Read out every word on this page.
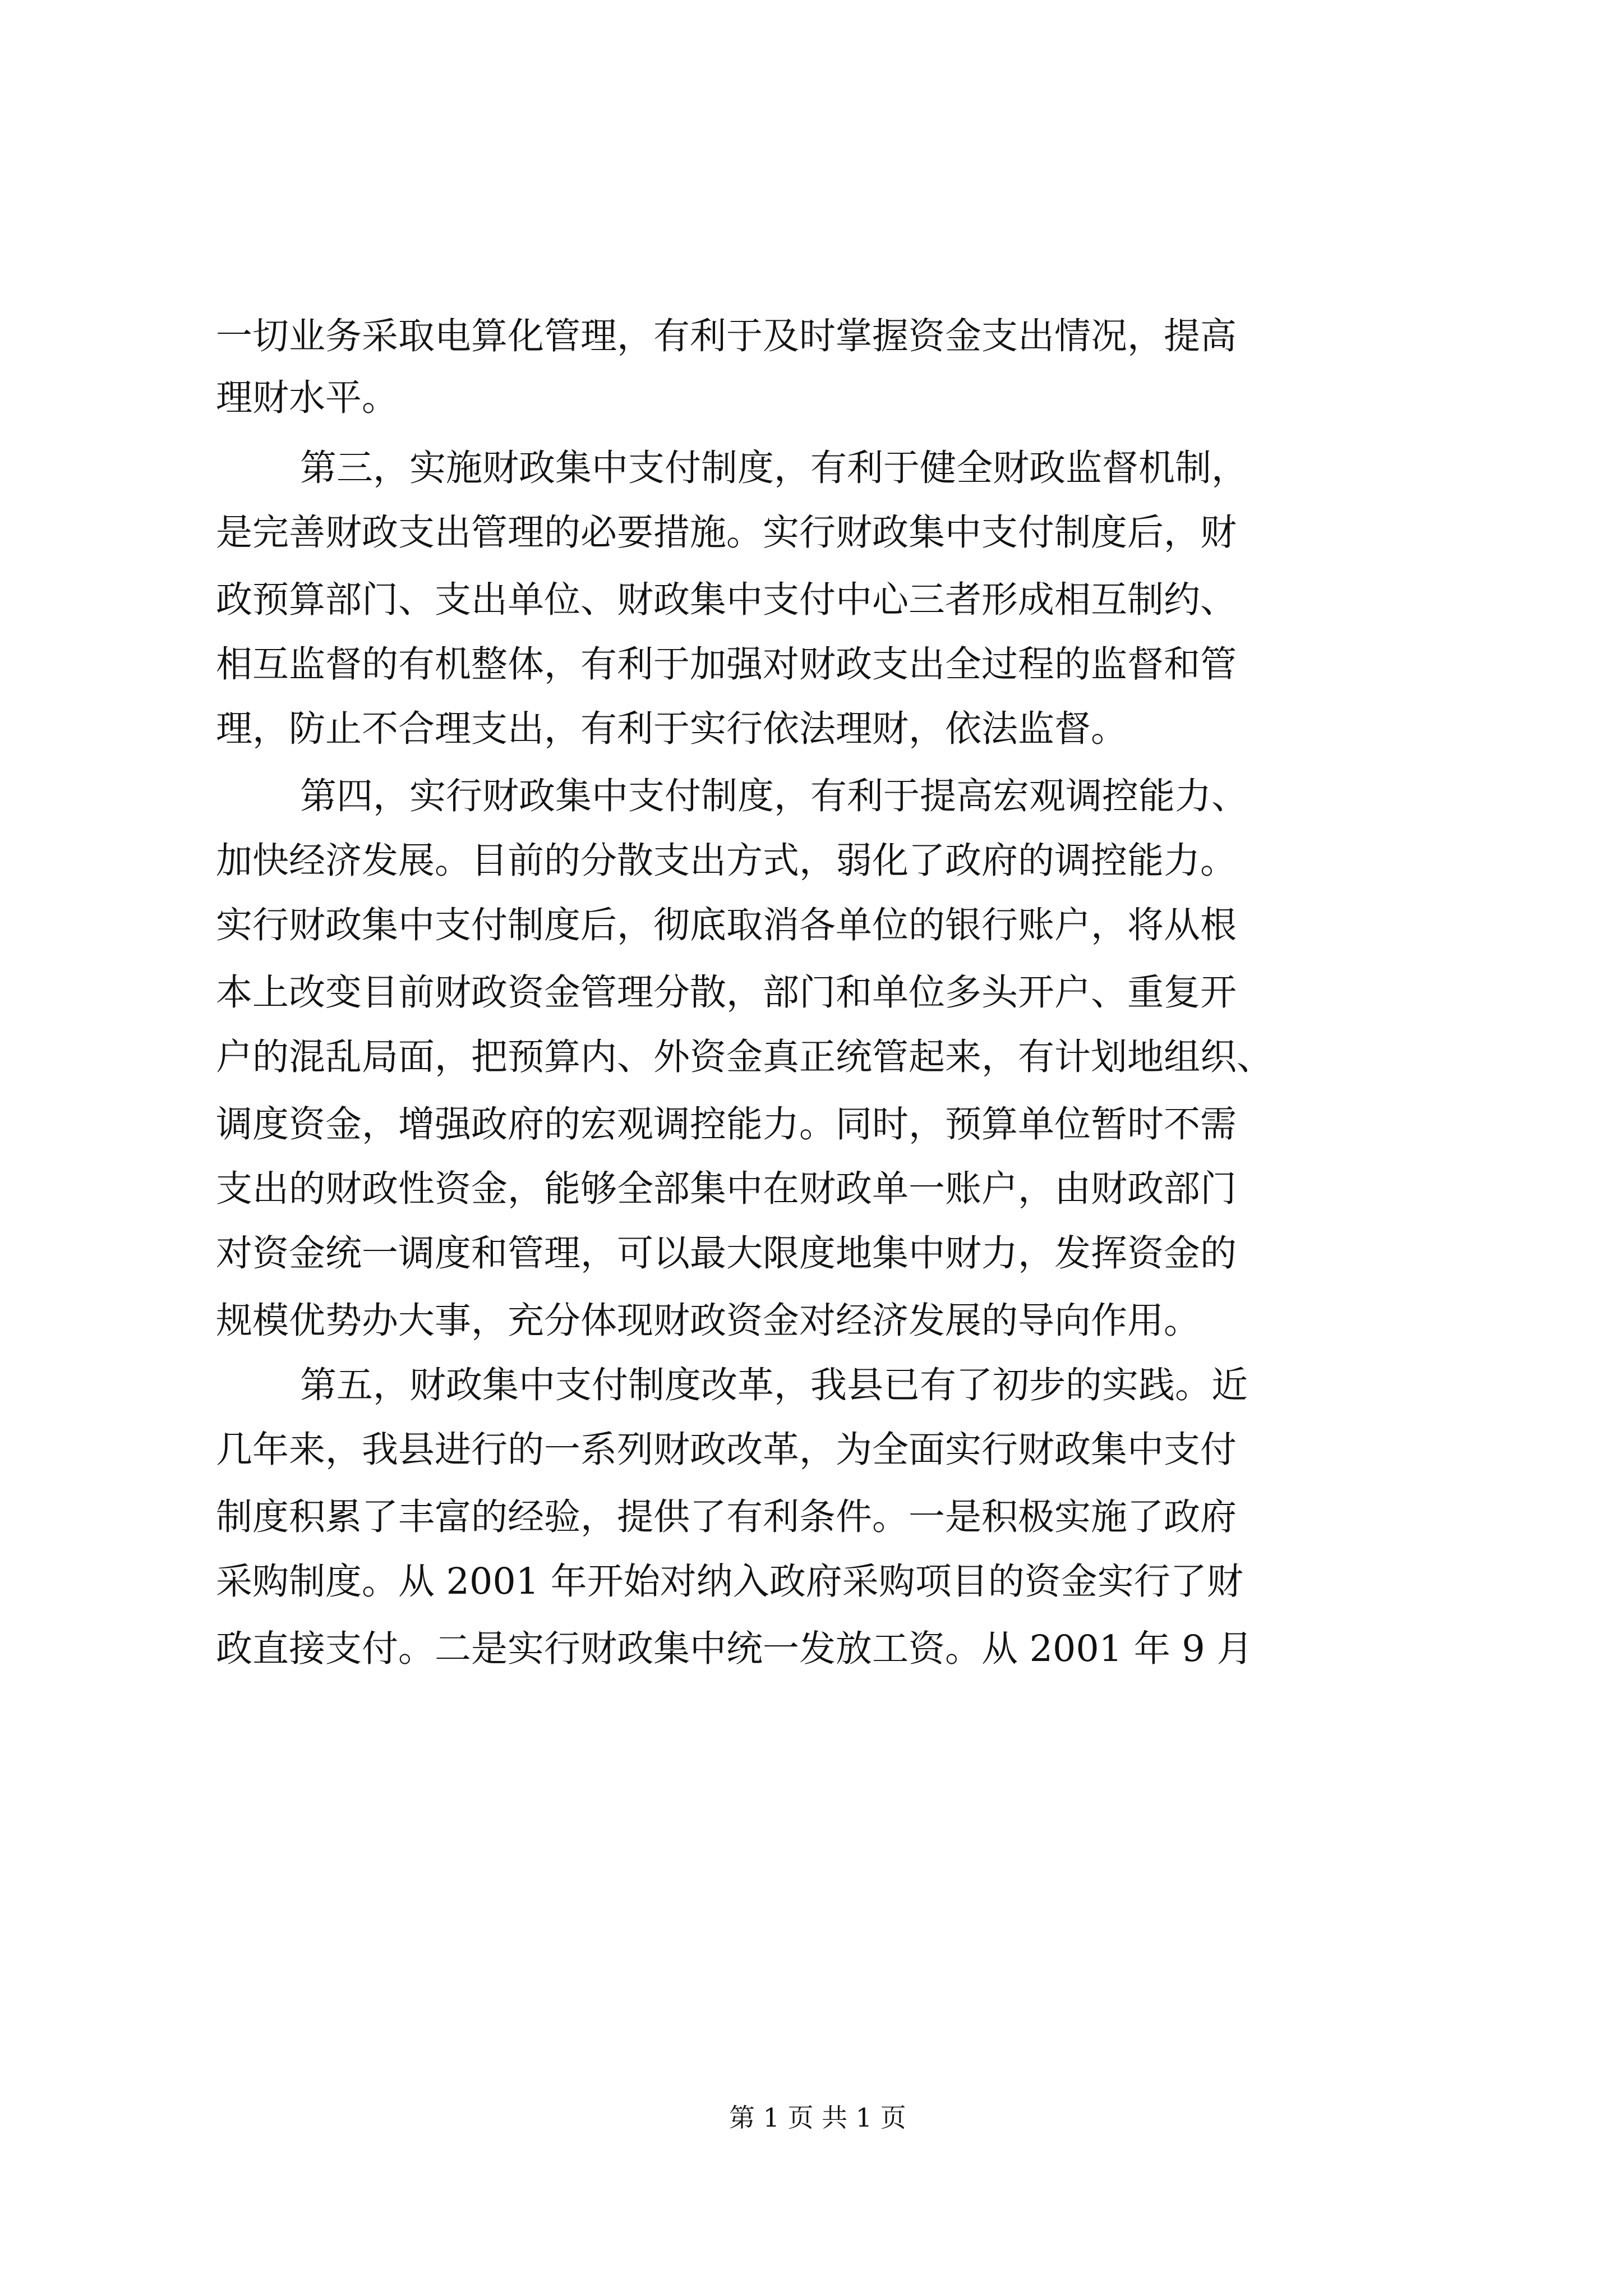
一切业务采取电算化管理，有利于及时掌握资金支出情况，提高
理财水平。
第三，实施财政集中支付制度，有利于健全财政监督机制，
是完善财政支出管理的必要措施。实行财政集中支付制度后，财
政预算部门、支出单位、财政集中支付中心三者形成相互制约、
相互监督的有机整体，有利于加强对财政支出全过程的监督和管
理，防止不合理支出，有利于实行依法理财，依法监督。
第四，实行财政集中支付制度，有利于提高宏观调控能力、
加快经济发展。目前的分散支出方式，弱化了政府的调控能力。
实行财政集中支付制度后，彻底取消各单位的银行账户，将从根
本上改变目前财政资金管理分散，部门和单位多头开户、重复开
户的混乱局面，把预算内、外资金真正统管起来，有计划地组织、
调度资金，增强政府的宏观调控能力。同时，预算单位暂时不需
支出的财政性资金，能够全部集中在财政单一账户，由财政部门
对资金统一调度和管理，可以最大限度地集中财力，发挥资金的
规模优势办大事，充分体现财政资金对经济发展的导向作用。
第五，财政集中支付制度改革，我县已有了初步的实践。近
几年来，我县进行的一系列财政改革，为全面实行财政集中支付
制度积累了丰富的经验，提供了有利条件。一是积极实施了政府
采购制度。从 2001 年开始对纳入政府采购项目的资金实行了财
政直接支付。二是实行财政集中统一发放工资。从 2001 年 9 月
第 1 页 共 1 页
